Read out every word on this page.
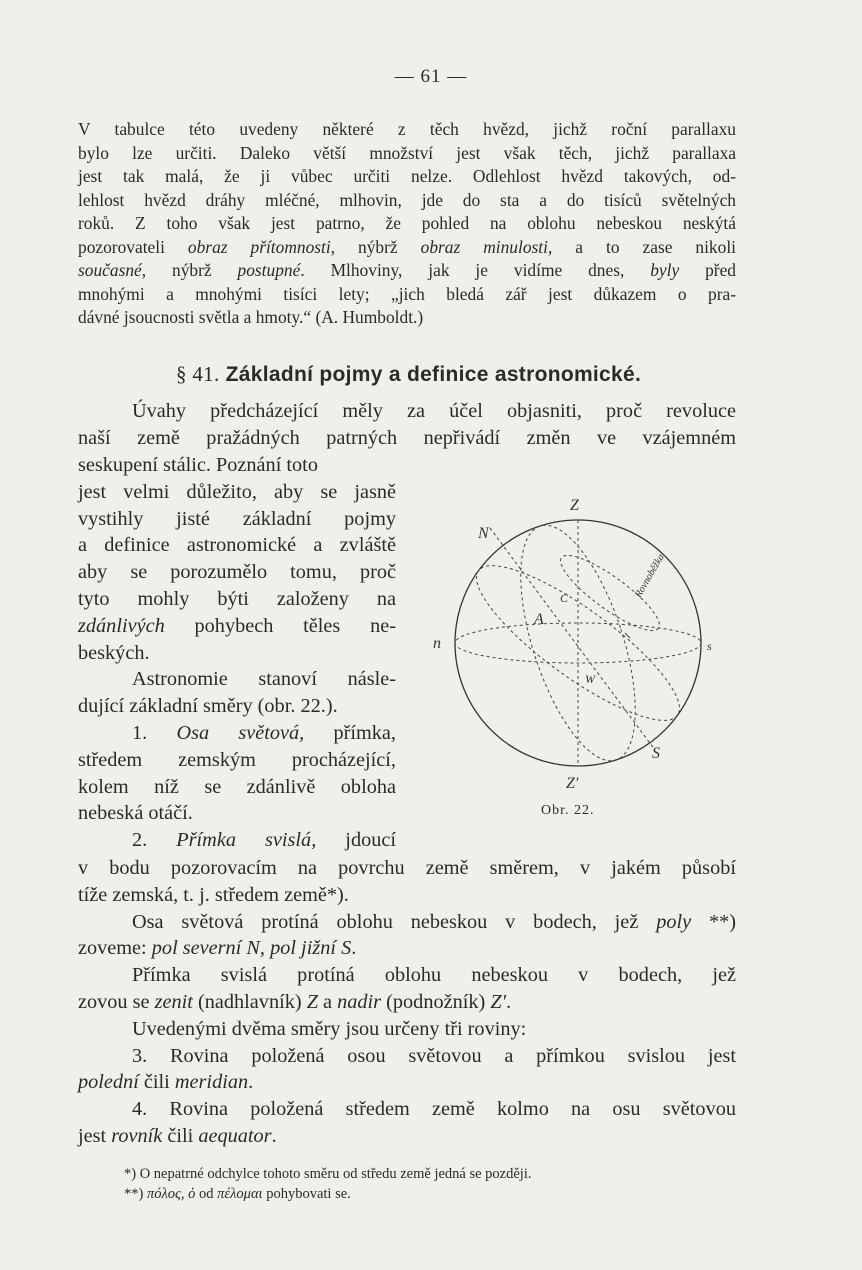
— 61 —
V tabulce této uvedeny některé z těch hvězd, jichž roční parallaxu
bylo lze určiti. Daleko větší množství jest však těch, jichž parallaxa
jest tak malá, že ji vůbec určiti nelze. Odlehlost hvězd takových, od-
lehlost hvězd dráhy mléčné, mlhovin, jde do sta a do tisíců světelných
roků. Z toho však jest patrno, že pohled na oblohu nebeskou neskýtá
pozorovateli obraz přítomnosti, nýbrž obraz minulosti, a to zase nikoli
současné, nýbrž postupné. Mlhoviny, jak je vidíme dnes, byly před
mnohými a mnohými tisíci lety; „jich bledá zář jest důkazem o pra-
dávné jsoucnosti světla a hmoty.“ (A. Humboldt.)
§ 41. Základní pojmy a definice astronomické.
Úvahy předcházející měly za účel objasniti, proč revoluce
naší země pražádných patrných nepřivádí změn ve vzájemném
seskupení stálic. Poznání toto
jest velmi důležito, aby se jasně
vystihly jisté základní pojmy
a definice astronomické a zvláště
aby se porozumělo tomu, proč
tyto mohly býti založeny na
zdánlivých pohybech těles ne-
beských.
Astronomie stanoví násle-
dující základní směry (obr. 22.).
1. Osa světová, přímka,
středem zemským procházející,
kolem níž se zdánlivě obloha
nebeská otáčí.
2. Přímka svislá, jdoucí
Z
N
n	s
A
C
W
S
Z′
Rovnoběžka
Obr. 22.
v bodu pozorovacím na povrchu země směrem, v jakém působí
tíže zemská, t. j. středem země*).
Osa světová protíná oblohu nebeskou v bodech, jež poly **)
zoveme: pol severní N, pol jižní S.
Přímka svislá protíná oblohu nebeskou v bodech, jež
zovou se zenit (nadhlavník) Z a nadir (podnožník) Z′.
Uvedenými dvěma směry jsou určeny tři roviny:
3. Rovina položená osou světovou a přímkou svislou jest
polední čili meridian.
4. Rovina položená středem země kolmo na osu světovou
jest rovník čili aequator.
*) O nepatrné odchylce tohoto směru od středu země jedná se později.
**) πόλος, ὁ od πέλομαι pohybovati se.
